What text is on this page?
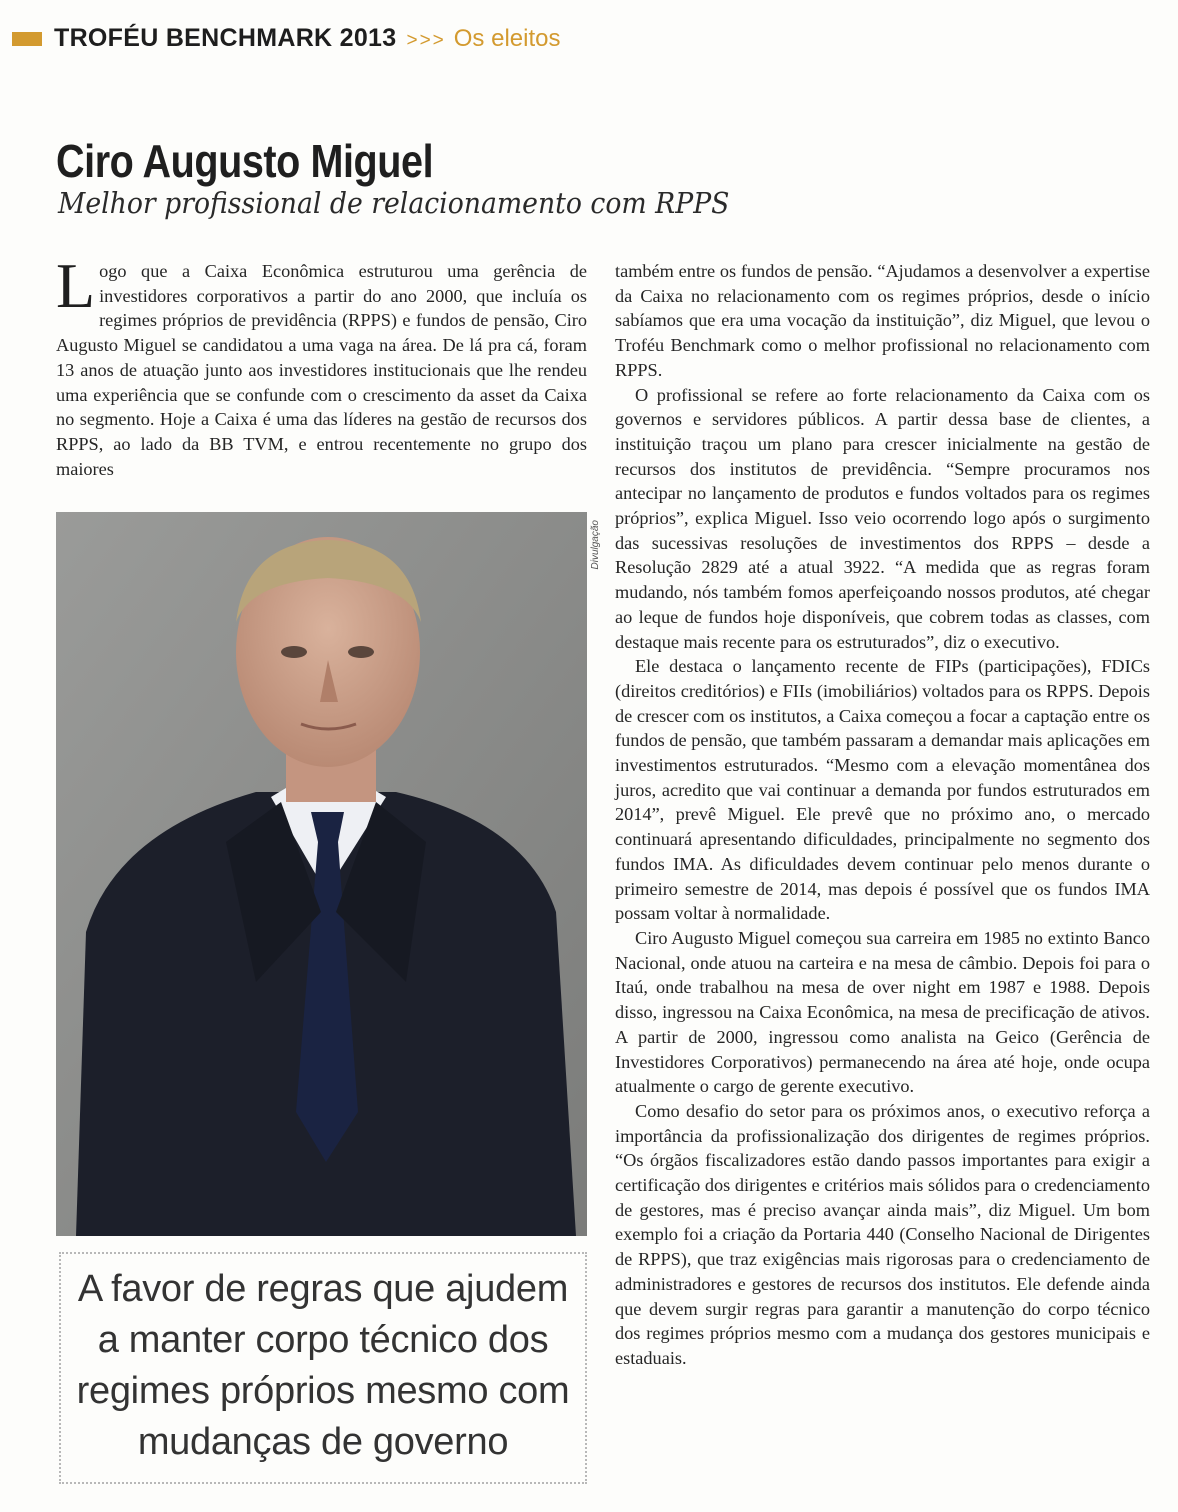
TROFÉU BENCHMARK 2013 >>> Os eleitos
Ciro Augusto Miguel
Melhor profissional de relacionamento com RPPS
L ogo que a Caixa Econômica estruturou uma gerência de investidores corporativos a partir do ano 2000, que incluía os regimes próprios de previdência (RPPS) e fundos de pensão, Ciro Augusto Miguel se candidatou a uma vaga na área. De lá pra cá, foram 13 anos de atuação junto aos investidores institucionais que lhe rendeu uma experiência que se confunde com o crescimento da asset da Caixa no segmento. Hoje a Caixa é uma das líderes na gestão de recursos dos RPPS, ao lado da BB TVM, e entrou recentemente no grupo dos maiores

Divulgação
A favor de regras que ajudem a manter corpo técnico dos regimes próprios mesmo com mudanças de governo

também entre os fundos de pensão. “Ajudamos a desenvolver a expertise da Caixa no relacionamento com os regimes próprios, desde o início sabíamos que era uma vocação da instituição”, diz Miguel, que levou o Troféu Benchmark como o melhor profissional no relacionamento com RPPS.

O profissional se refere ao forte relacionamento da Caixa com os governos e servidores públicos. A partir dessa base de clientes, a instituição traçou um plano para crescer inicialmente na gestão de recursos dos institutos de previdência. “Sempre procuramos nos antecipar no lançamento de produtos e fundos voltados para os regimes próprios”, explica Miguel. Isso veio ocorrendo logo após o surgimento das sucessivas resoluções de investimentos dos RPPS – desde a Resolução 2829 até a atual 3922. “A medida que as regras foram mudando, nós também fomos aperfeiçoando nossos produtos, até chegar ao leque de fundos hoje disponíveis, que cobrem todas as classes, com destaque mais recente para os estruturados”, diz o executivo.

Ele destaca o lançamento recente de FIPs (participações), FDICs (direitos creditórios) e FIIs (imobiliários) voltados para os RPPS. Depois de crescer com os institutos, a Caixa começou a focar a captação entre os fundos de pensão, que também passaram a demandar mais aplicações em investimentos estruturados. “Mesmo com a elevação momentânea dos juros, acredito que vai continuar a demanda por fundos estruturados em 2014”, prevê Miguel. Ele prevê que no próximo ano, o mercado continuará apresentando dificuldades, principalmente no segmento dos fundos IMA. As dificuldades devem continuar pelo menos durante o primeiro semestre de 2014, mas depois é possível que os fundos IMA possam voltar à normalidade.

Ciro Augusto Miguel começou sua carreira em 1985 no extinto Banco Nacional, onde atuou na carteira e na mesa de câmbio. Depois foi para o Itaú, onde trabalhou na mesa de over night em 1987 e 1988. Depois disso, ingressou na Caixa Econômica, na mesa de precificação de ativos. A partir de 2000, ingressou como analista na Geico (Gerência de Investidores Corporativos) permanecendo na área até hoje, onde ocupa atualmente o cargo de gerente executivo.

Como desafio do setor para os próximos anos, o executivo reforça a importância da profissionalização dos dirigentes de regimes próprios. “Os órgãos fiscalizadores estão dando passos importantes para exigir a certificação dos dirigentes e critérios mais sólidos para o credenciamento de gestores, mas é preciso avançar ainda mais”, diz Miguel. Um bom exemplo foi a criação da Portaria 440 (Conselho Nacional de Dirigentes de RPPS), que traz exigências mais rigorosas para o credenciamento de administradores e gestores de recursos dos institutos. Ele defende ainda que devem surgir regras para garantir a manutenção do corpo técnico dos regimes próprios mesmo com a mudança dos gestores municipais e estaduais.
